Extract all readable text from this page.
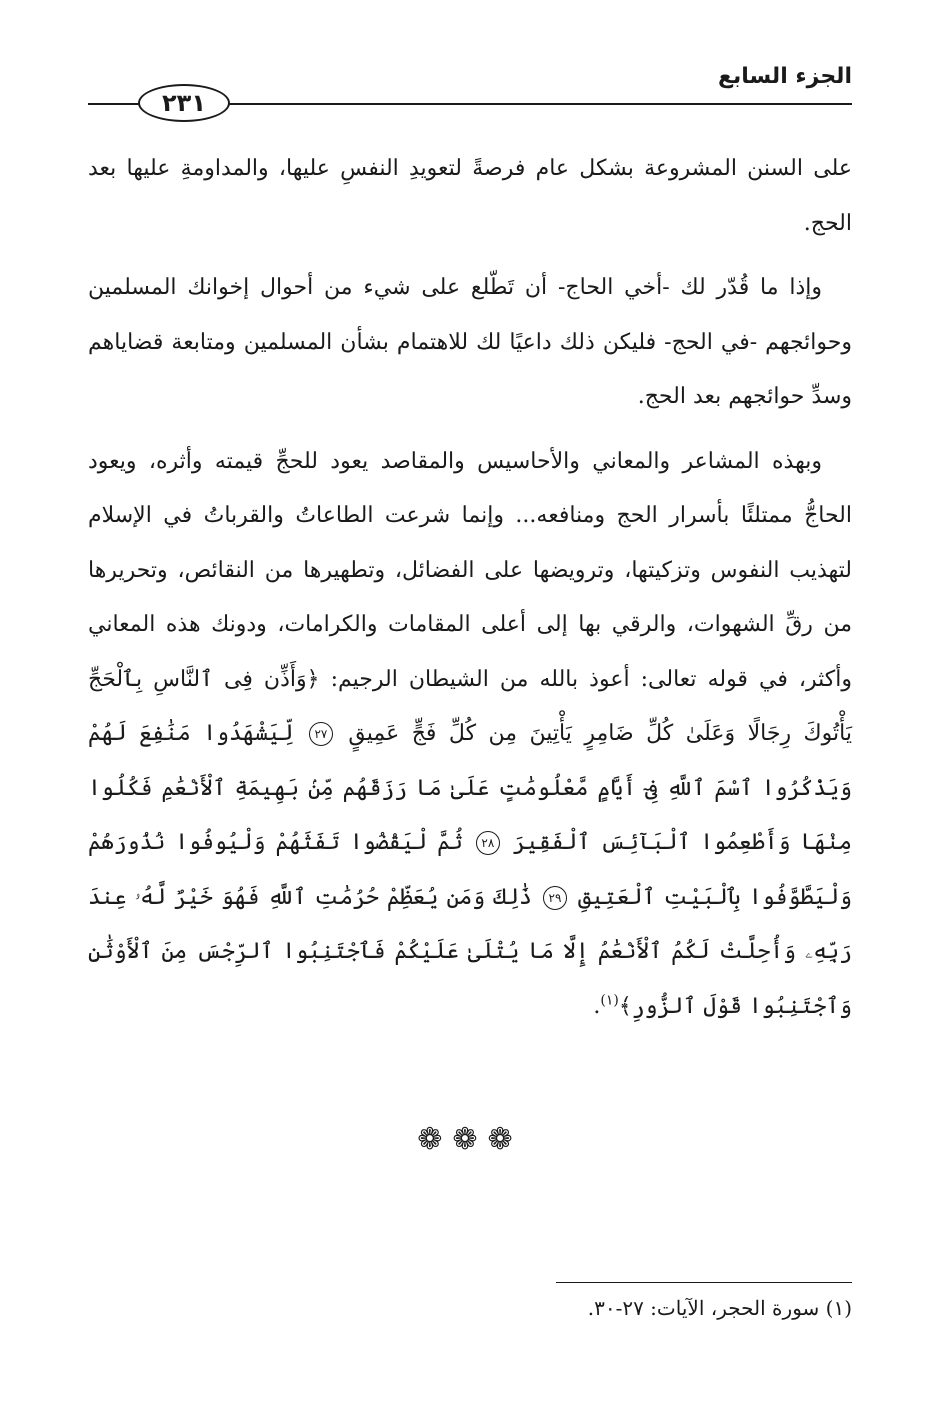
الجزء السابع
٢٣١

على السنن المشروعة بشكل عام فرصةً لتعويدِ النفسِ عليها، والمداومةِ عليها بعد الحج.

وإذا ما قُدّر لك -أخي الحاج- أن تَطّلع على شيء من أحوال إخوانك المسلمين وحوائجهم -في الحج- فليكن ذلك داعيًا لك للاهتمام بشأن المسلمين ومتابعة قضاياهم وسدِّ حوائجهم بعد الحج.

وبهذه المشاعر والمعاني والأحاسيس والمقاصد يعود للحجِّ قيمته وأثره، ويعود الحاجُّ ممتلئًا بأسرار الحج ومنافعه... وإنما شرعت الطاعاتُ والقرباتُ في الإسلام لتهذيب النفوس وتزكيتها، وترويضها على الفضائل، وتطهيرها من النقائص، وتحريرها من رقِّ الشهوات، والرقي بها إلى أعلى المقامات والكرامات، ودونك هذه المعاني وأكثر، في قوله تعالى: أعوذ بالله من الشيطان الرجيم: ﴿وَأَذِّن فِى ٱلنَّاسِ بِٱلْحَجِّ يَأْتُوكَ رِجَالًا وَعَلَىٰ كُلِّ ضَامِرٍ يَأْتِينَ مِن كُلِّ فَجٍّ عَمِيقٍ ٢٧ لِّيَشْهَدُوا مَنَٰفِعَ لَهُمْ وَيَذْكُرُوا ٱسْمَ ٱللَّهِ فِىٓ أَيَّامٍ مَّعْلُومَٰتٍ عَلَىٰ مَا رَزَقَهُم مِّنۢ بَهِيمَةِ ٱلْأَنْعَٰمِ فَكُلُوا مِنْهَا وَأَطْعِمُوا ٱلْبَآئِسَ ٱلْفَقِيرَ ٢٨ ثُمَّ لْيَقْضُوا تَفَثَهُمْ وَلْيُوفُوا نُذُورَهُمْ وَلْيَطَّوَّفُوا بِٱلْبَيْتِ ٱلْعَتِيقِ ٢٩ ذَٰلِكَ وَمَن يُعَظِّمْ حُرُمَٰتِ ٱللَّهِ فَهُوَ خَيْرٌ لَّهُۥ عِندَ رَبِّهِۦ وَأُحِلَّتْ لَكُمُ ٱلْأَنْعَٰمُ إِلَّا مَا يُتْلَىٰ عَلَيْكُمْ فَٱجْتَنِبُوا ٱلرِّجْسَ مِنَ ٱلْأَوْثَٰنِ وَٱجْتَنِبُوا قَوْلَ ٱلزُّورِ﴾$^{(١)}$.

❁❁❁
(١) سورة الحجر، الآيات: ٢٧-٣٠.
